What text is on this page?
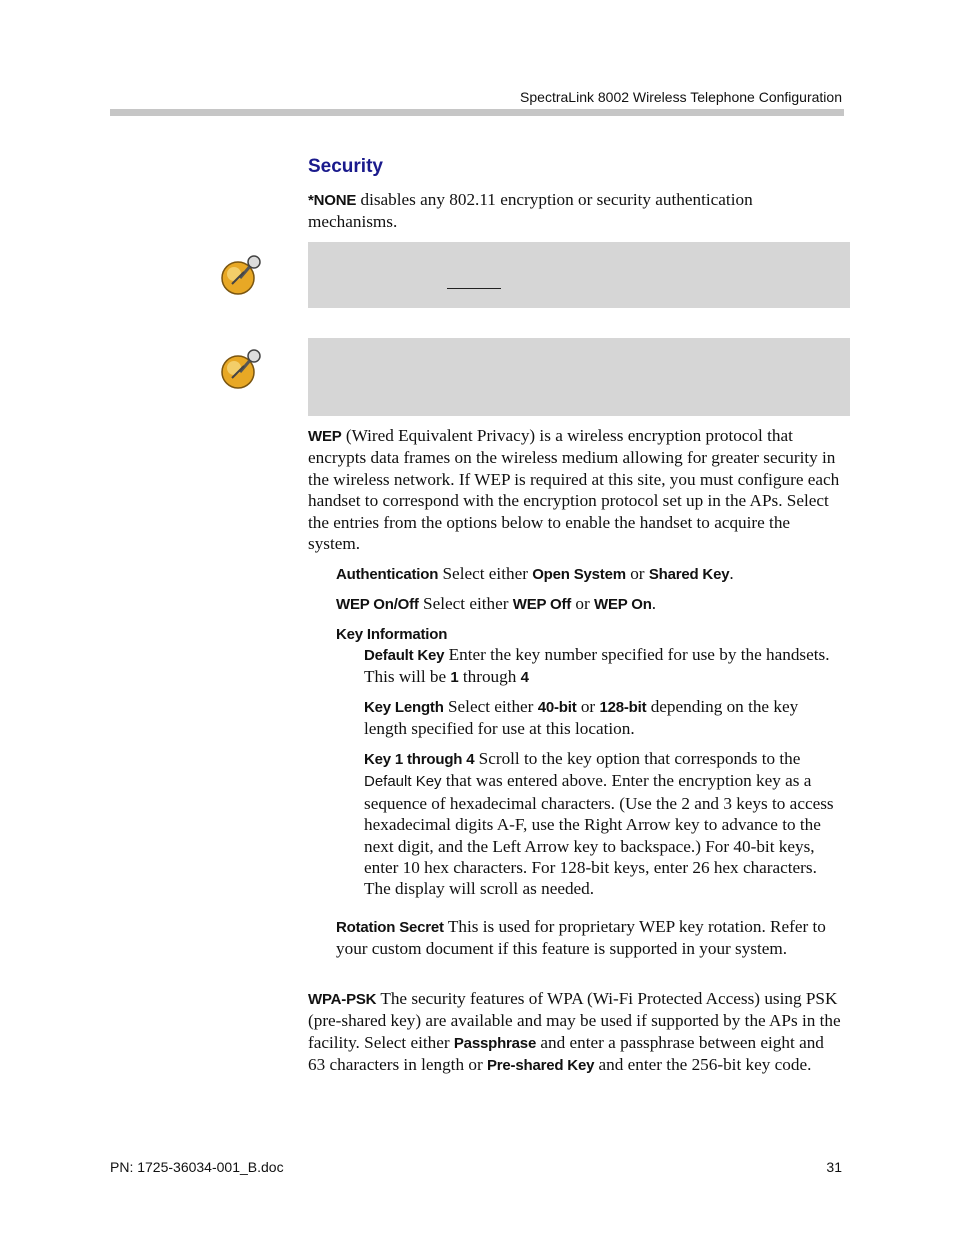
SpectraLink 8002 Wireless Telephone Configuration
Security

*NONE disables any 802.11 encryption or security authentication mechanisms.

WEP (Wired Equivalent Privacy) is a wireless encryption protocol that encrypts data frames on the wireless medium allowing for greater security in the wireless network. If WEP is required at this site, you must configure each handset to correspond with the encryption protocol set up in the APs. Select the entries from the options below to enable the handset to acquire the system.

Authentication Select either Open System or Shared Key.

WEP On/Off Select either WEP Off or WEP On.

Key Information

Default Key Enter the key number specified for use by the handsets. This will be 1 through 4

Key Length Select either 40-bit or 128-bit depending on the key length specified for use at this location.

Key 1 through 4 Scroll to the key option that corresponds to the Default Key that was entered above. Enter the encryption key as a sequence of hexadecimal characters. (Use the 2 and 3 keys to access hexadecimal digits A-F, use the Right Arrow key to advance to the next digit, and the Left Arrow key to backspace.) For 40-bit keys, enter 10 hex characters. For 128-bit keys, enter 26 hex characters. The display will scroll as needed.

Rotation Secret This is used for proprietary WEP key rotation. Refer to your custom document if this feature is supported in your system.

WPA-PSK The security features of WPA (Wi-Fi Protected Access) using PSK (pre-shared key) are available and may be used if supported by the APs in the facility. Select either Passphrase and enter a passphrase between eight and 63 characters in length or Pre-shared Key and enter the 256-bit key code.

PN: 1725-36034-001_B.doc	31
